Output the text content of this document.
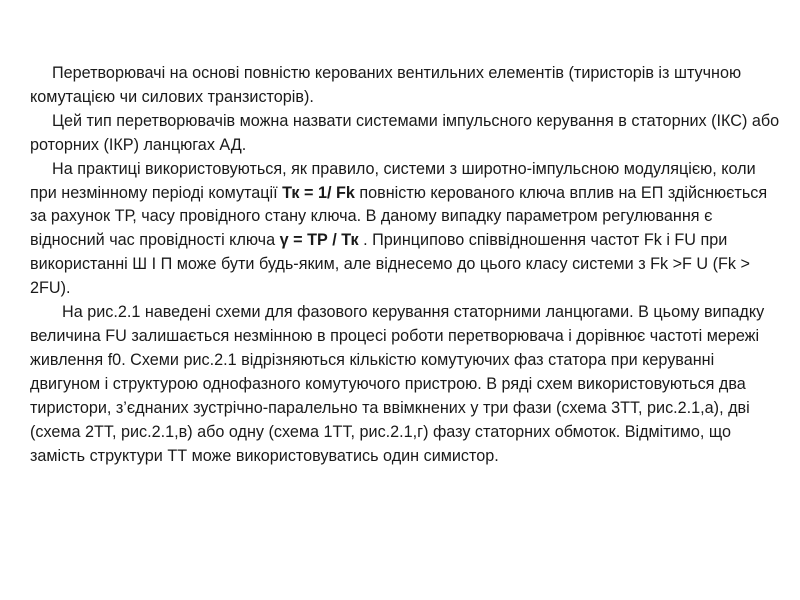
Перетворювачі на основі повністю керованих вентильних елементів (тиристорів із штучною комутацією чи силових транзисторів).

Цей тип перетворювачів можна назвати системами імпульсного керування в статорних (ІКС) або роторних (ІКР) ланцюгах АД.

На практиці використовуються, як правило, системи з широтно-імпульсною модуляцією, коли при незмінному періоді комутації Тк = 1/ Fk повністю керованого ключа вплив на ЕП здійснюється за рахунок ТР, часу провідного стану ключа. В даному випадку параметром регулювання є відносний час провідності ключа γ = ТР / Тк . Принципово співвідношення частот Fk і FU при використанні Ш І П може бути будь-яким, але віднесемо до цього класу системи з Fk >F U (Fk > 2FU).

На рис.2.1 наведені схеми для фазового керування статорними ланцюгами. В цьому випадку величина FU залишається незмінною в процесі роботи перетворювача і дорівнює частоті мережі живлення f0. Схеми рис.2.1 відрізняються кількістю комутуючих фаз статора при керуванні двигуном і структурою однофазного комутуючого пристрою. В ряді схем використовуються два тиристори, з’єднаних зустрічно-паралельно та ввімкнених у три фази (схема 3ТТ, рис.2.1,а), дві (схема 2ТТ, рис.2.1,в) або одну (схема 1ТТ, рис.2.1,г) фазу статорних обмоток. Відмітимо, що замість структури ТТ може використовуватись один симистор.
